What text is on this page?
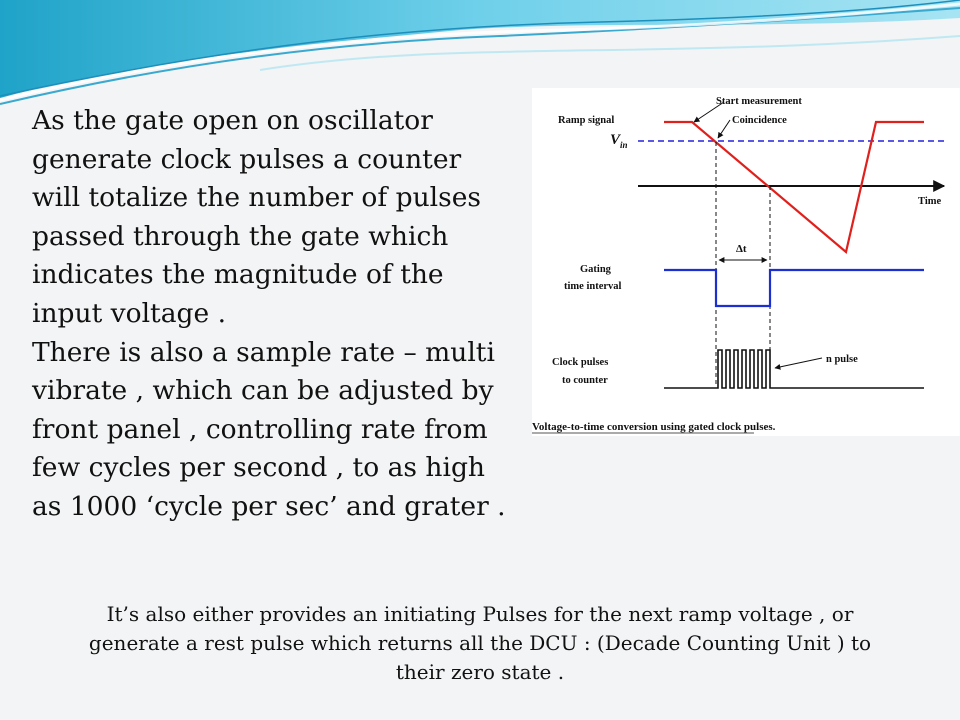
As the gate open on oscillator
generate clock pulses a counter
will totalize the number of pulses
passed through the gate which
indicates the magnitude of the
input voltage .
There is also a sample rate – multi
vibrate , which can be adjusted by
front panel , controlling rate from
few cycles per second , to as high
as 1000 ‘cycle per sec’ and grater .
Ramp signal
$V_{in}$
Start measurement
Coincidence
Time
Δt
Gating
time interval
Clock pulses
to counter
n pulse
Voltage-to-time conversion using gated clock pulses.
It’s also either provides an initiating Pulses for the next ramp voltage , or
generate a rest pulse which returns all the DCU : (Decade Counting Unit ) to
their zero state .
